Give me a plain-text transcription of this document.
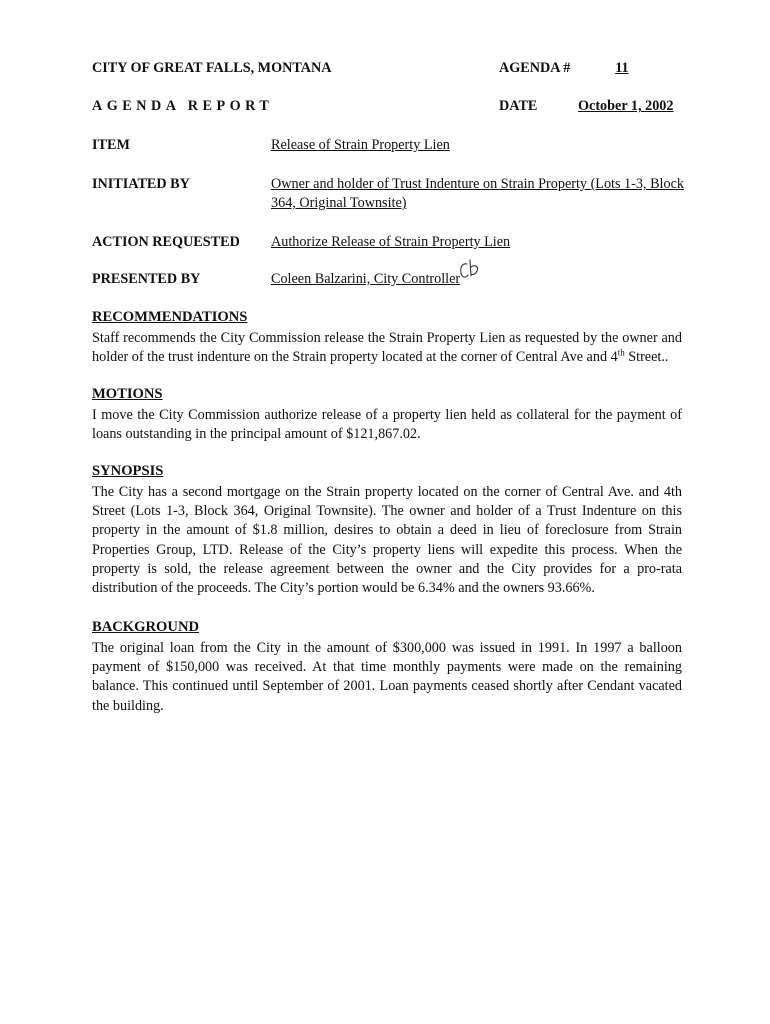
CITY OF GREAT FALLS, MONTANA	AGENDA #	11
AGENDA REPORT	DATE	October 1, 2002
ITEM	Release of Strain Property Lien
INITIATED BY	Owner and holder of Trust Indenture on Strain Property (Lots 1-3, Block
364, Original Townsite)
ACTION REQUESTED Authorize Release of Strain Property Lien
PRESENTED BY	Coleen Balzarini, City Controller
RECOMMENDATIONS

Staff recommends the City Commission release the Strain Property Lien as requested by the owner and holder of the trust indenture on the Strain property located at the corner of Central Ave and 4th Street..

MOTIONS

I move the City Commission authorize release of a property lien held as collateral for the payment of loans outstanding in the principal amount of $121,867.02.

SYNOPSIS

The City has a second mortgage on the Strain property located on the corner of Central Ave. and 4th Street (Lots 1-3, Block 364, Original Townsite). The owner and holder of a Trust Indenture on this property in the amount of $1.8 million, desires to obtain a deed in lieu of foreclosure from Strain Properties Group, LTD. Release of the City’s property liens will expedite this process. When the property is sold, the release agreement between the owner and the City provides for a pro-rata distribution of the proceeds. The City’s portion would be 6.34% and the owners 93.66%.

BACKGROUND

The original loan from the City in the amount of $300,000 was issued in 1991. In 1997 a balloon payment of $150,000 was received. At that time monthly payments were made on the remaining balance. This continued until September of 2001. Loan payments ceased shortly after Cendant vacated the building.
